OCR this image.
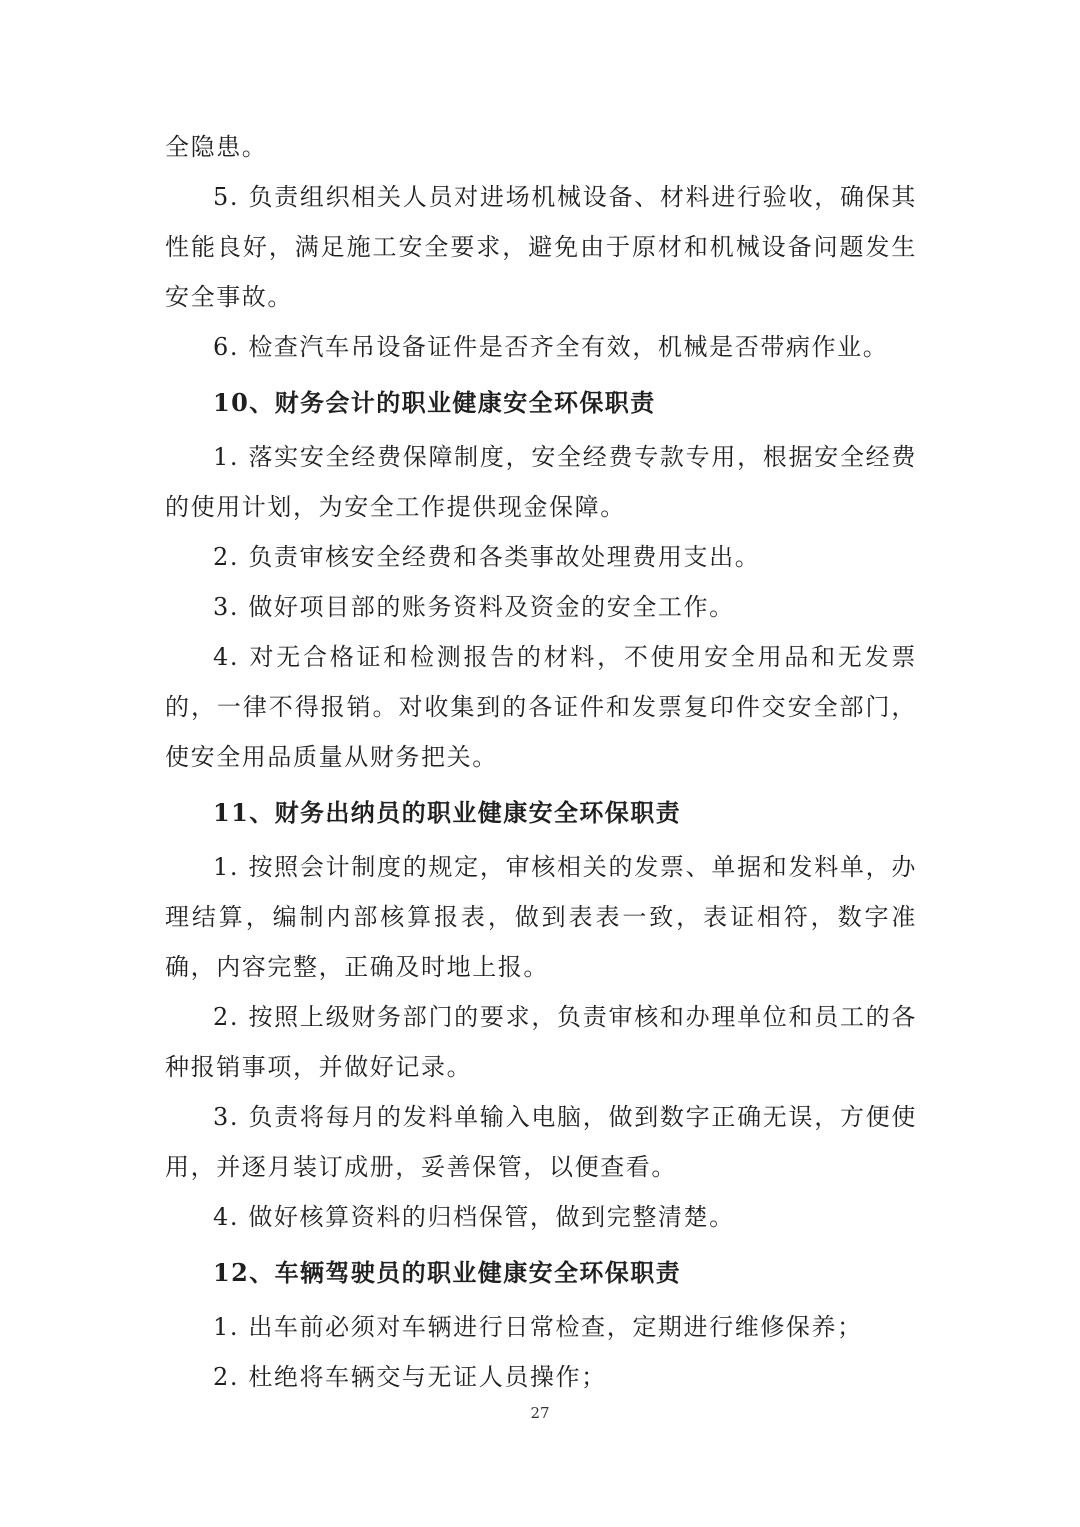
全隐患。

5. 负责组织相关人员对进场机械设备、材料进行验收，确保其性能良好，满足施工安全要求，避免由于原材和机械设备问题发生安全事故。

6. 检查汽车吊设备证件是否齐全有效，机械是否带病作业。

10、财务会计的职业健康安全环保职责

1. 落实安全经费保障制度，安全经费专款专用，根据安全经费的使用计划，为安全工作提供现金保障。

2. 负责审核安全经费和各类事故处理费用支出。

3. 做好项目部的账务资料及资金的安全工作。

4. 对无合格证和检测报告的材料，不使用安全用品和无发票的，一律不得报销。对收集到的各证件和发票复印件交安全部门，使安全用品质量从财务把关。

11、财务出纳员的职业健康安全环保职责

1. 按照会计制度的规定，审核相关的发票、单据和发料单，办理结算，编制内部核算报表，做到表表一致，表证相符，数字准确，内容完整，正确及时地上报。

2. 按照上级财务部门的要求，负责审核和办理单位和员工的各种报销事项，并做好记录。

3. 负责将每月的发料单输入电脑，做到数字正确无误，方便使用，并逐月装订成册，妥善保管，以便查看。

4. 做好核算资料的归档保管，做到完整清楚。

12、车辆驾驶员的职业健康安全环保职责

1. 出车前必须对车辆进行日常检查，定期进行维修保养；

2. 杜绝将车辆交与无证人员操作；

27
